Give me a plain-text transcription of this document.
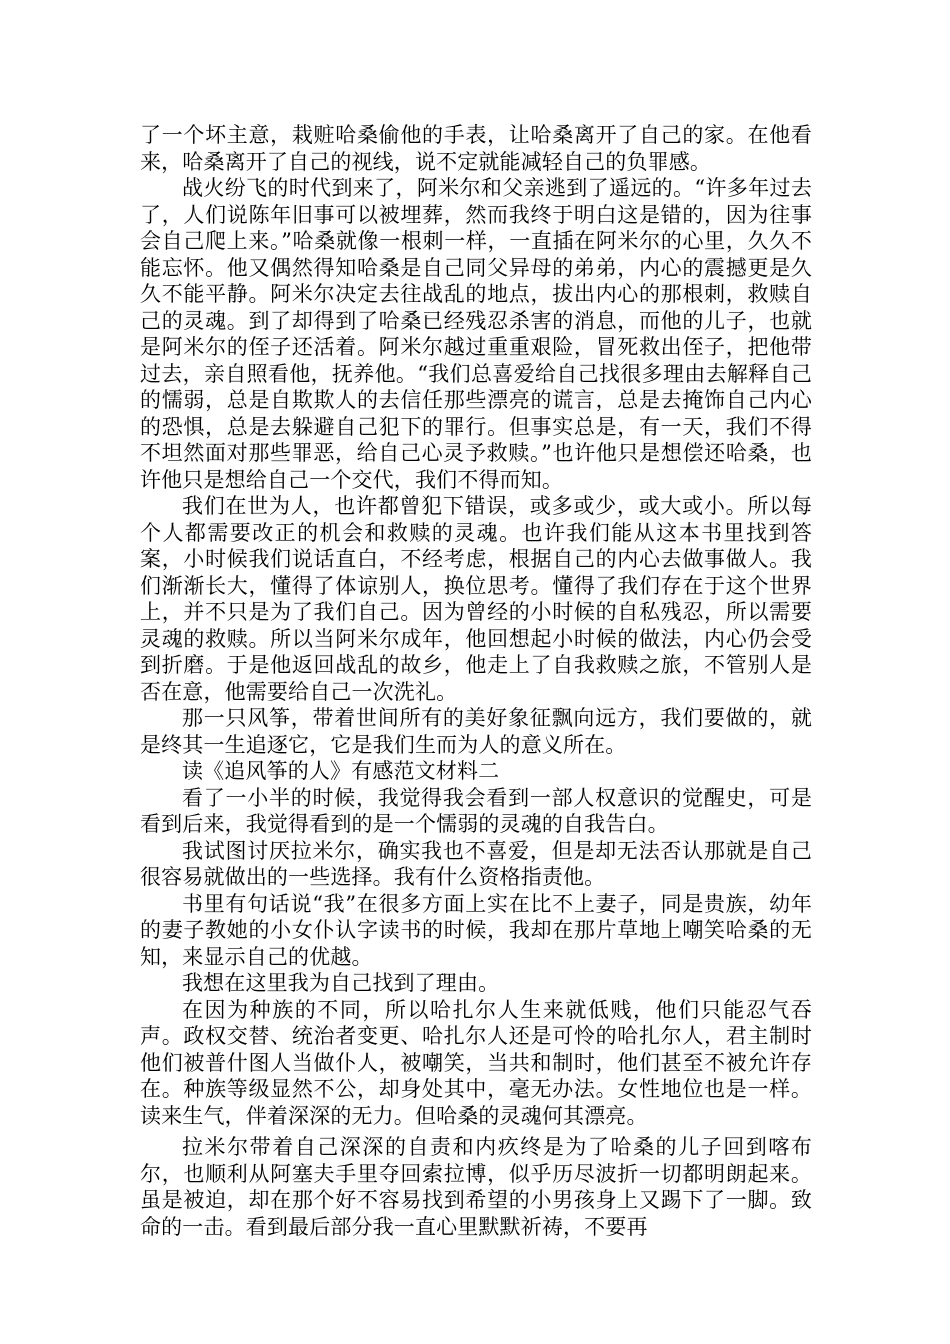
了一个坏主意，栽赃哈桑偷他的手表，让哈桑离开了自己的家。在他看来，哈桑离开了自己的视线，说不定就能减轻自己的负罪感。

战火纷飞的时代到来了，阿米尔和父亲逃到了遥远的。“许多年过去了，人们说陈年旧事可以被埋葬，然而我终于明白这是错的，因为往事会自己爬上来。”哈桑就像一根刺一样，一直插在阿米尔的心里，久久不能忘怀。他又偶然得知哈桑是自己同父异母的弟弟，内心的震撼更是久久不能平静。阿米尔决定去往战乱的地点，拔出内心的那根刺，救赎自己的灵魂。到了却得到了哈桑已经残忍杀害的消息，而他的儿子，也就是阿米尔的侄子还活着。阿米尔越过重重艰险，冒死救出侄子，把他带过去，亲自照看他，抚养他。“我们总喜爱给自己找很多理由去解释自己的懦弱，总是自欺欺人的去信任那些漂亮的谎言，总是去掩饰自己内心的恐惧，总是去躲避自己犯下的罪行。但事实总是，有一天，我们不得不坦然面对那些罪恶，给自己心灵予救赎。”也许他只是想偿还哈桑，也许他只是想给自己一个交代，我们不得而知。

我们在世为人，也许都曾犯下错误，或多或少，或大或小。所以每个人都需要改正的机会和救赎的灵魂。也许我们能从这本书里找到答案，小时候我们说话直白，不经考虑，根据自己的内心去做事做人。我们渐渐长大，懂得了体谅别人，换位思考。懂得了我们存在于这个世界上，并不只是为了我们自己。因为曾经的小时候的自私残忍，所以需要灵魂的救赎。所以当阿米尔成年，他回想起小时候的做法，内心仍会受到折磨。于是他返回战乱的故乡，他走上了自我救赎之旅，不管别人是否在意，他需要给自己一次洗礼。

那一只风筝，带着世间所有的美好象征飘向远方，我们要做的，就是终其一生追逐它，它是我们生而为人的意义所在。

读《追风筝的人》有感范文材料二

看了一小半的时候，我觉得我会看到一部人权意识的觉醒史，可是看到后来，我觉得看到的是一个懦弱的灵魂的自我告白。

我试图讨厌拉米尔，确实我也不喜爱，但是却无法否认那就是自己很容易就做出的一些选择。我有什么资格指责他。

书里有句话说“我”在很多方面上实在比不上妻子，同是贵族，幼年的妻子教她的小女仆认字读书的时候，我却在那片草地上嘲笑哈桑的无知，来显示自己的优越。

我想在这里我为自己找到了理由。

在因为种族的不同，所以哈扎尔人生来就低贱，他们只能忍气吞声。政权交替、统治者变更、哈扎尔人还是可怜的哈扎尔人，君主制时他们被普什图人当做仆人，被嘲笑，当共和制时，他们甚至不被允许存在。种族等级显然不公，却身处其中，毫无办法。女性地位也是一样。读来生气，伴着深深的无力。但哈桑的灵魂何其漂亮。

拉米尔带着自己深深的自责和内疚终是为了哈桑的儿子回到喀布尔，也顺利从阿塞夫手里夺回索拉博，似乎历尽波折一切都明朗起来。虽是被迫，却在那个好不容易找到希望的小男孩身上又踢下了一脚。致命的一击。看到最后部分我一直心里默默祈祷，不要再
